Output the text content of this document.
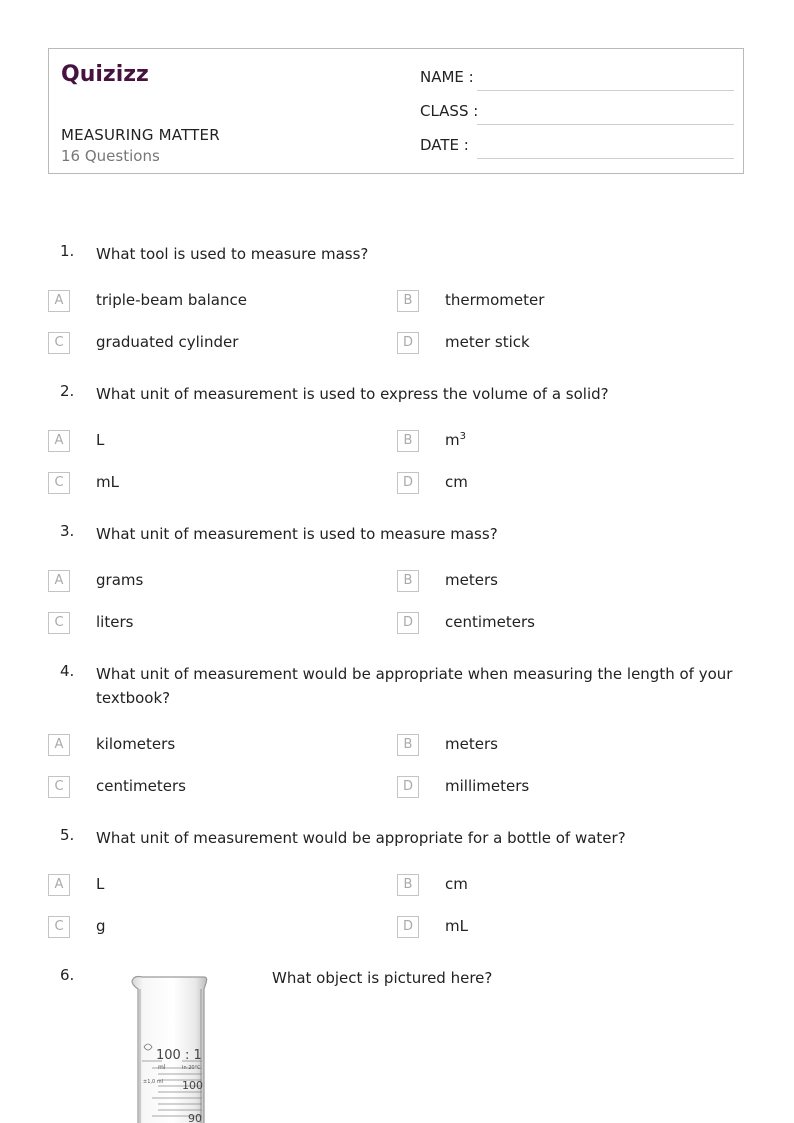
Quizizz
MEASURING MATTER
16 Questions
NAME :
CLASS :
DATE :
1. What tool is used to measure mass?
A	triple-beam balance	B	thermometer
C	graduated cylinder	D	meter stick
2. What unit of measurement is used to express the volume of a solid?
A	L	B	$m^3$
C	mL	D	cm
3. What unit of measurement is used to measure mass?
A	grams	B	meters
C	liters	D	centimeters
4. What unit of measurement would be appropriate when measuring the length of your textbook?
A	kilometers	B	meters
C	centimeters	D	millimeters
5. What unit of measurement would be appropriate for a bottle of water?
A	L	B	cm
C	g	D	mL
6.	What object is pictured here?
100 : 1
ml	In 20°C
±1,0 ml 100
90
